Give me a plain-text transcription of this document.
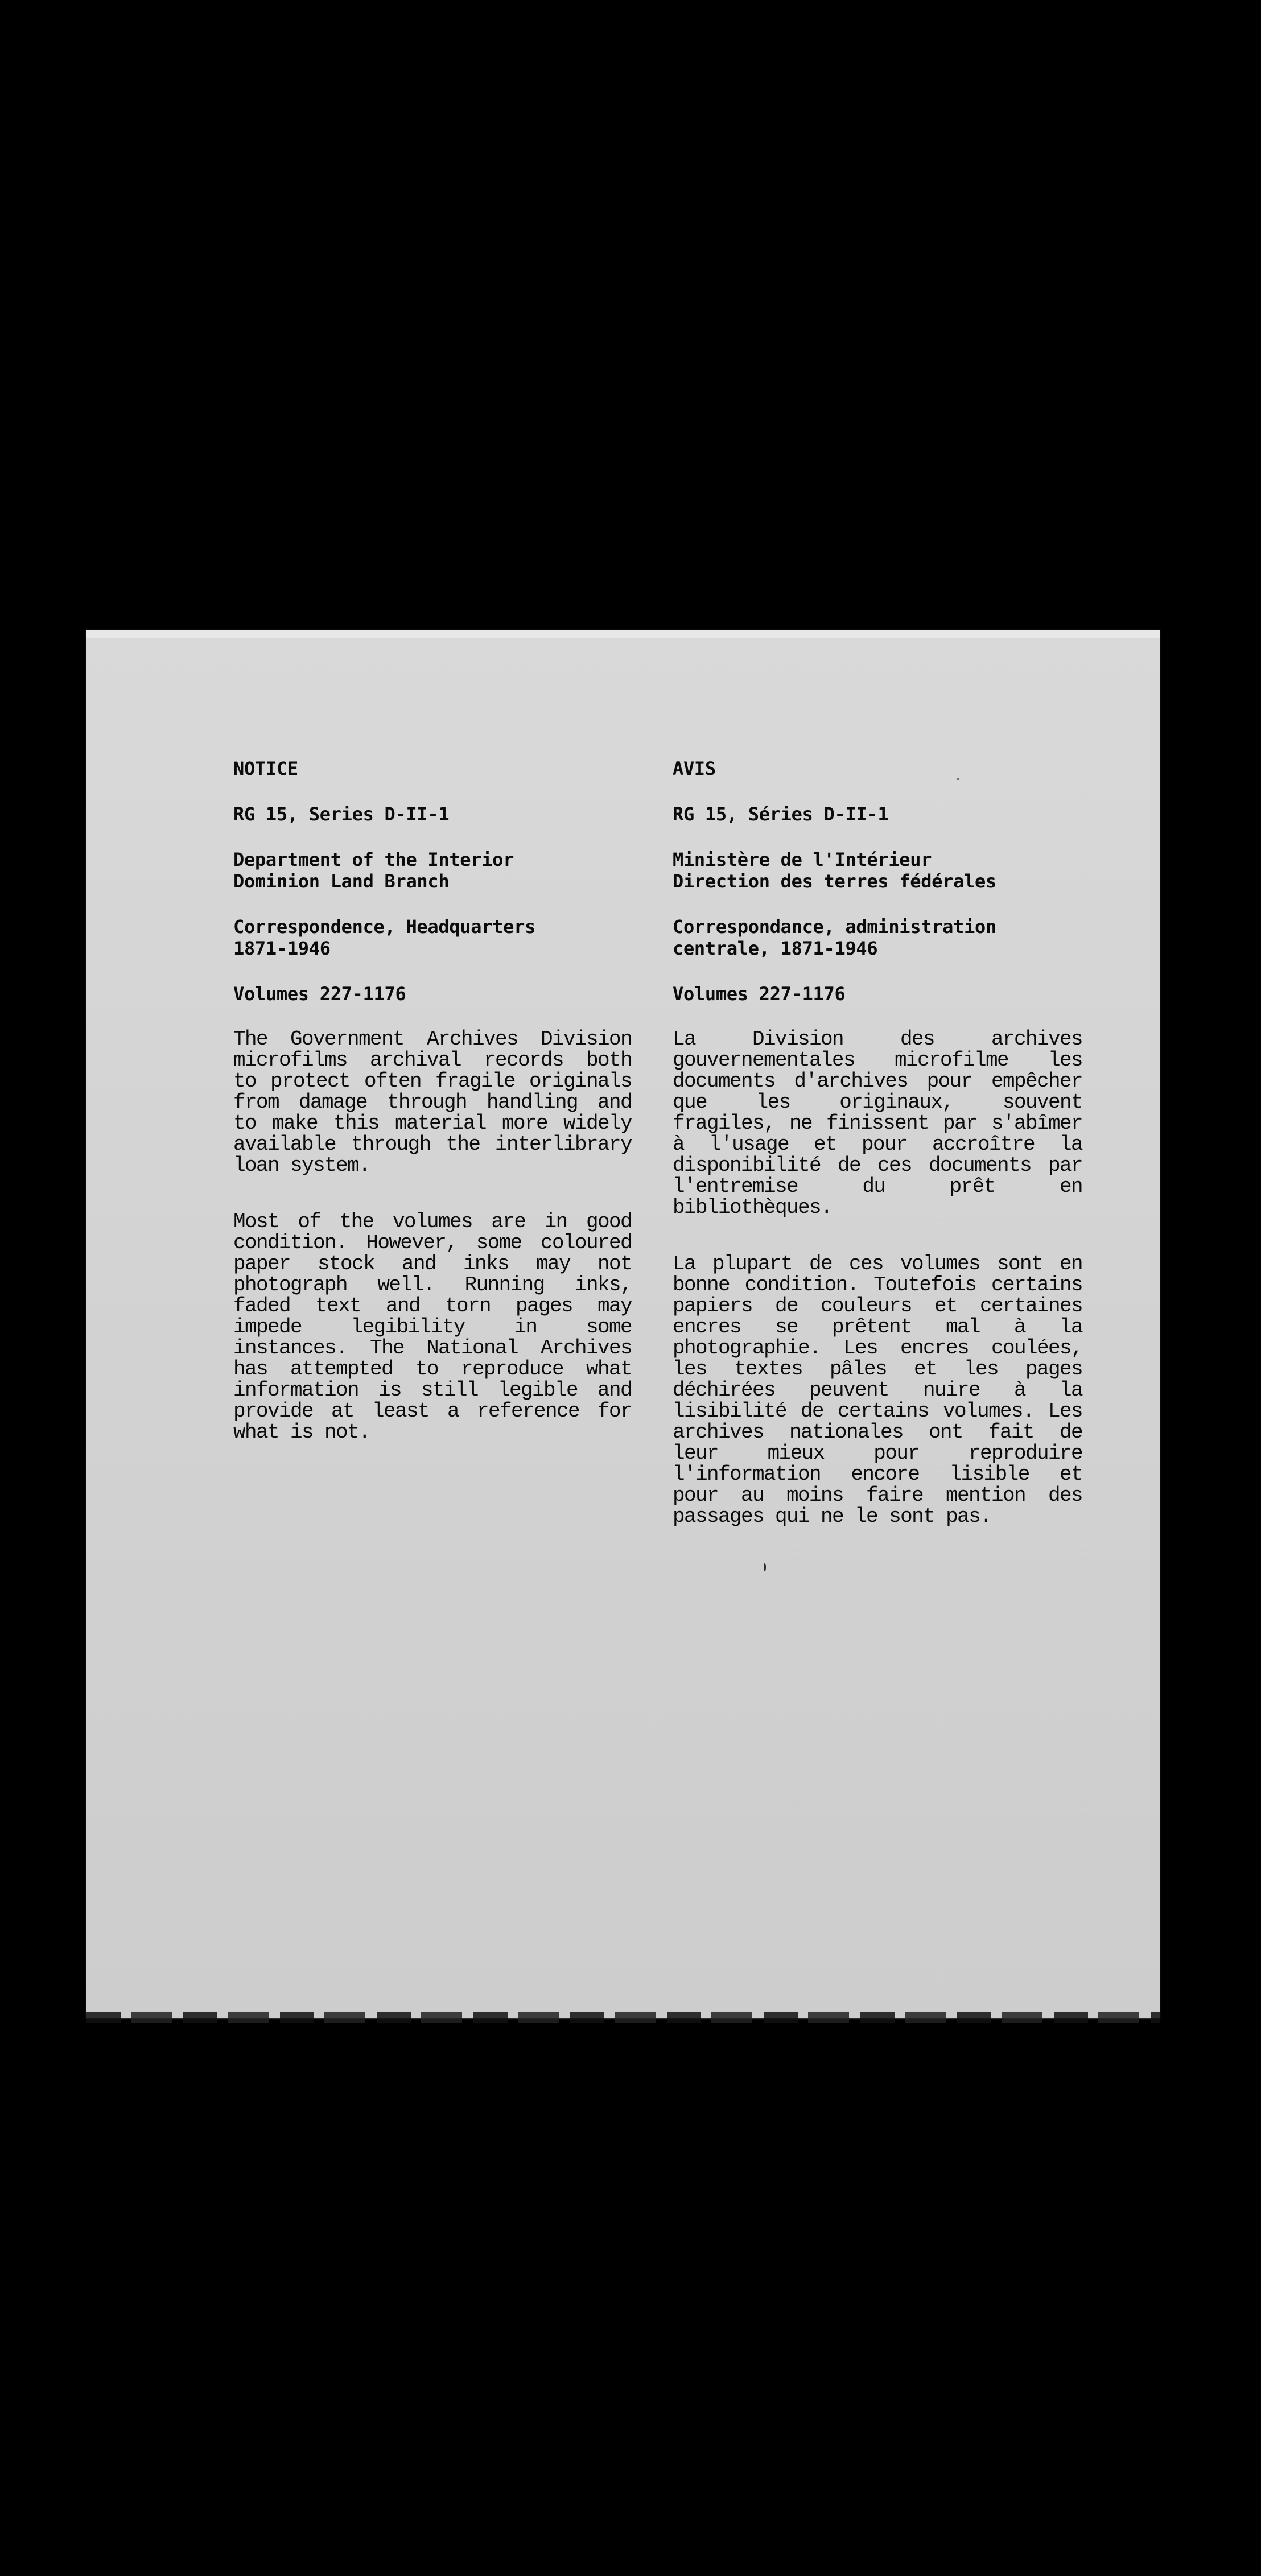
NOTICE

RG 15, Series D-II-1

Department of the Interior
Dominion Land Branch

Correspondence, Headquarters
1871-1946

Volumes 227-1176

The Government Archives Division microfilms archival records both to protect often fragile originals from damage through handling and to make this material more widely available through the interlibrary loan system.

Most of the volumes are in good condition. However, some coloured paper stock and inks may not photograph well. Running inks, faded text and torn pages may impede legibility in some instances. The National Archives has attempted to reproduce what information is still legible and provide at least a reference for what is not.

AVIS

RG 15, Séries D-II-1

Ministère de l'Intérieur
Direction des terres fédérales

Correspondance, administration
centrale, 1871-1946

Volumes 227-1176

La Division des archives gouvernementales microfilme les documents d'archives pour empêcher que les originaux, souvent fragiles, ne finissent par s'abîmer à l'usage et pour accroître la disponibilité de ces documents par l'entremise du prêt en bibliothèques.

La plupart de ces volumes sont en bonne condition. Toutefois certains papiers de couleurs et certaines encres se prêtent mal à la photographie. Les encres coulées, les textes pâles et les pages déchirées peuvent nuire à la lisibilité de certains volumes. Les archives nationales ont fait de leur mieux pour reproduire l'information encore lisible et pour au moins faire mention des passages qui ne le sont pas.
